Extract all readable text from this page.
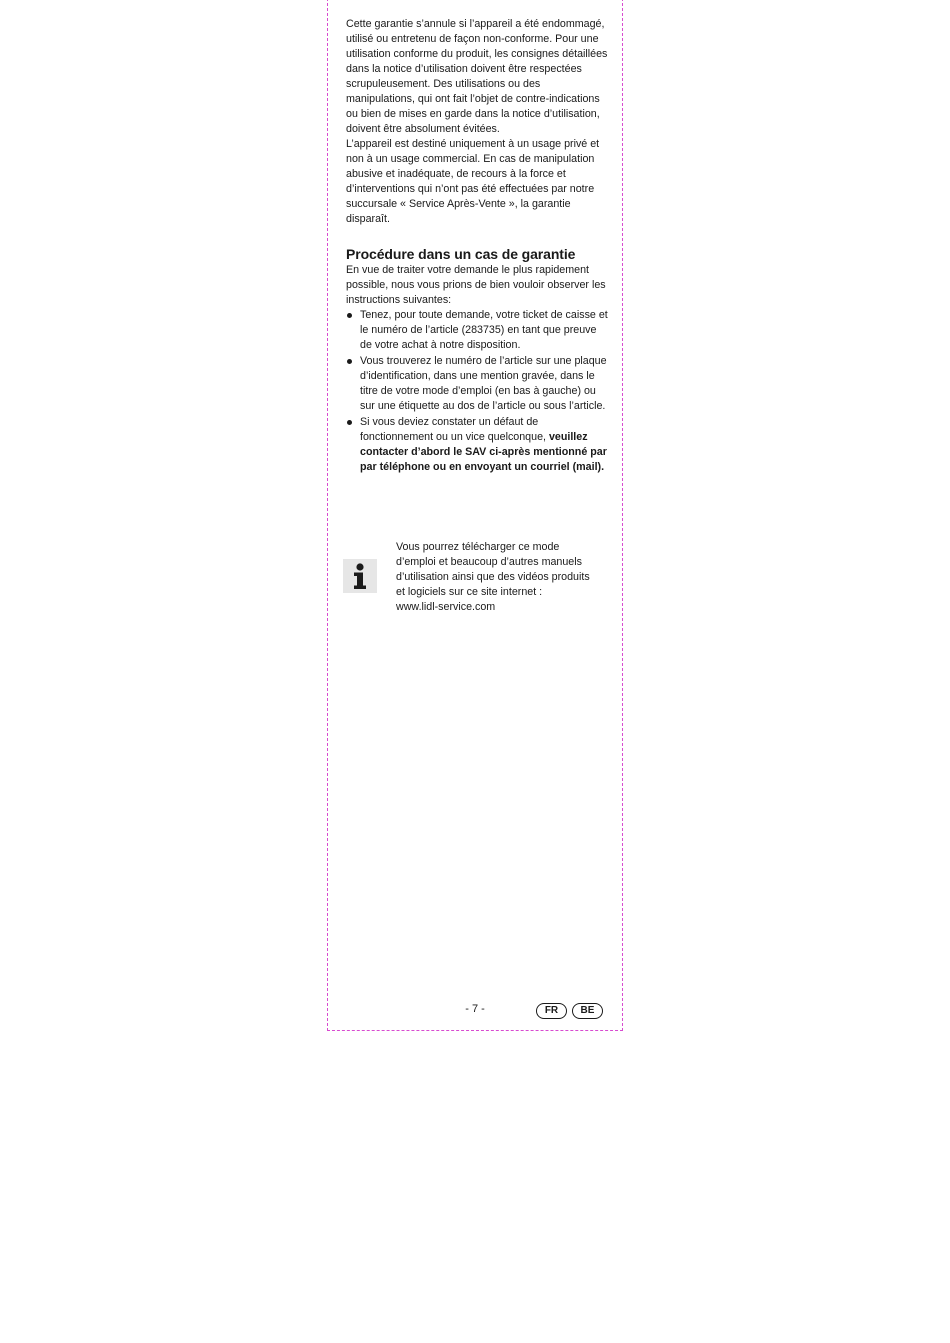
Cette garantie s’annule si l’appareil a été endommagé, utilisé ou entretenu de façon non-conforme. Pour une utilisation conforme du produit, les consignes détaillées dans la notice d’utilisation doivent être respectées scrupuleusement. Des utilisations ou des manipulations, qui ont fait l’objet de contre-indications ou bien de mises en garde dans la notice d’utilisation, doivent être absolument évitées.

L’appareil est destiné uniquement à un usage privé et non à un usage commercial. En cas de manipulation abusive et inadéquate, de recours à la force et d’interventions qui n’ont pas été effectuées par notre succursale « Service Après-Vente », la garantie disparaît.

Procédure dans un cas de garantie

En vue de traiter votre demande le plus rapidement possible, nous vous prions de bien vouloir observer les instructions suivantes:

Tenez, pour toute demande, votre ticket de caisse et le numéro de l’article (283735) en tant que preuve de votre achat à notre disposition.
Vous trouverez le numéro de l’article sur une plaque d’identification, dans une mention gravée, dans le titre de votre mode d’emploi (en bas à gauche) ou sur une étiquette au dos de l’article ou sous l’article.
Si vous deviez constater un défaut de fonctionnement ou un vice quelconque, veuillez contacter d’abord le SAV ci-après mentionné par par téléphone ou en envoyant un courriel (mail).
Vous pourrez télécharger ce mode
d’emploi et beaucoup d’autres manuels
d’utilisation ainsi que des vidéos produits
et logiciels sur ce site internet :
www.lidl-service.com
- 7 -	FR	BE
